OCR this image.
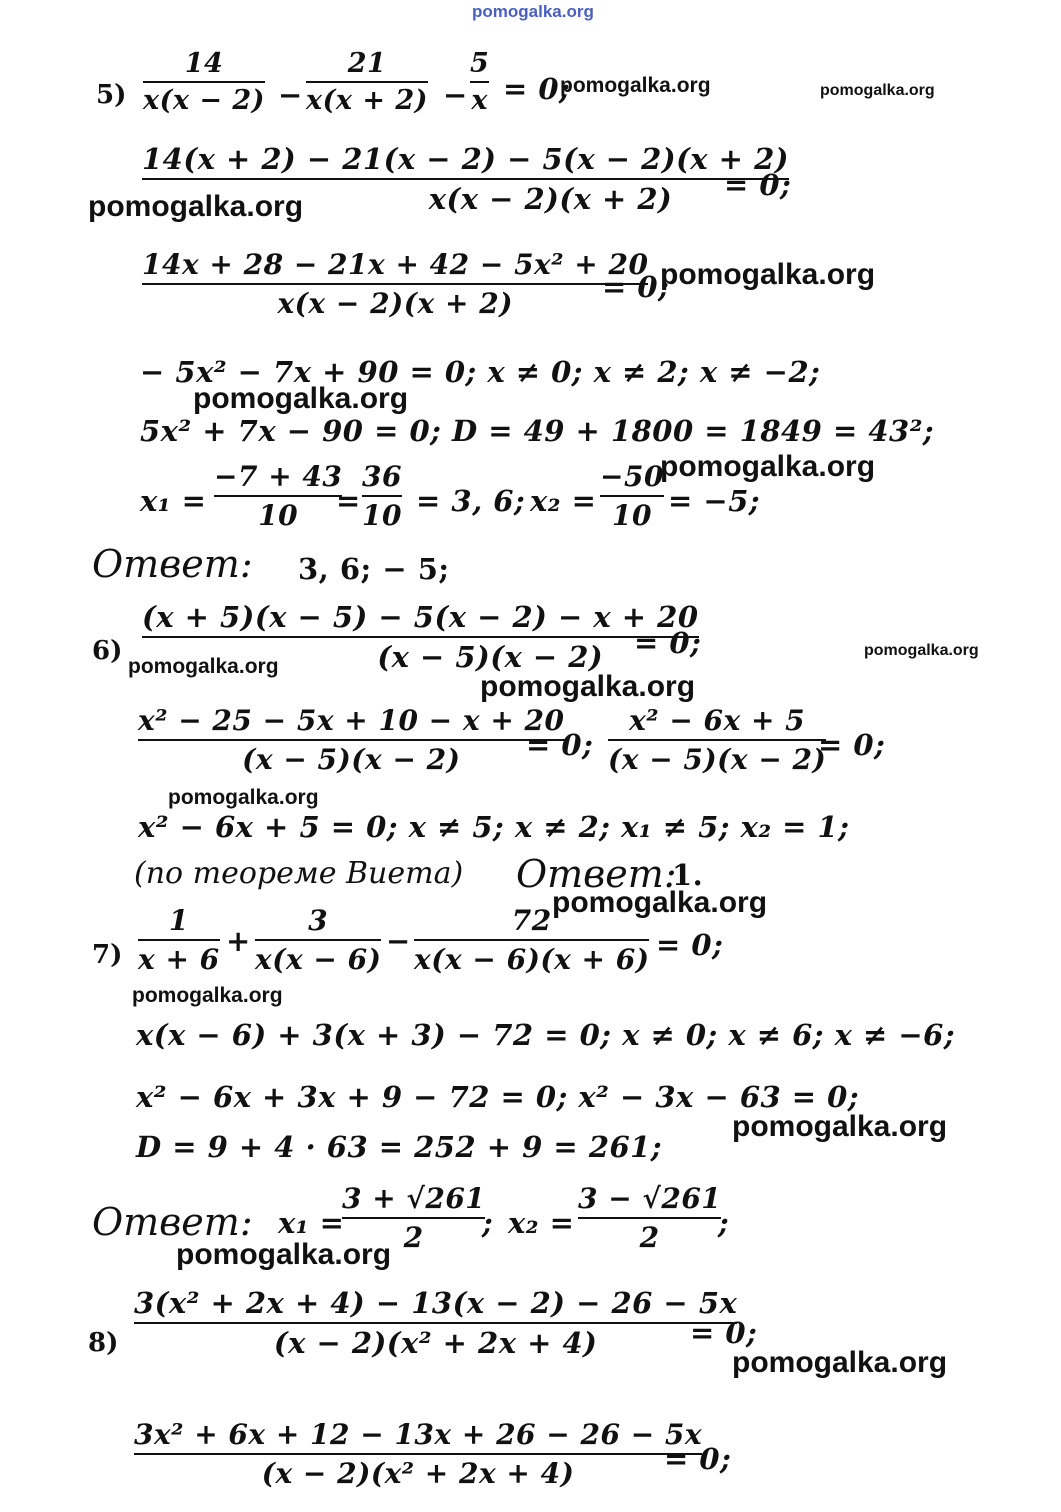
pomogalka.org
5)
14
x(x − 2) −
21
x(x + 2) −
5
x = 0;
pomogalka.org	pomogalka.org
14(x + 2) − 21(x − 2) − 5(x − 2)(x + 2)
x(x − 2)(x + 2) = 0;
pomogalka.org
14x + 28 − 21x + 42 − 5x² + 20
x(x − 2)(x + 2)	= 0;
pomogalka.org
− 5x² − 7x + 90 = 0; x ≠ 0; x ≠ 2; x ≠ −2;
pomogalka.org
5x² + 7x − 90 = 0; D = 49 + 1800 = 1849 = 43²;
x₁ =
−7 + 43
10 =
36
10 = 3, 6; x₂ =
−50
10 = −5;
pomogalka.org
Ответ: 3, 6; − 5;
6)
(x + 5)(x − 5) − 5(x − 2) − x + 20
(x − 5)(x − 2) = 0;
pomogalka.org
pomogalka.org
pomogalka.org
x² − 25 − 5x + 10 − x + 20
(x − 5)(x − 2) = 0;
x² − 6x + 5
(x − 5)(x − 2)
= 0;
pomogalka.org
x² − 6x + 5 = 0; x ≠ 5; x ≠ 2; x₁ ≠ 5; x₂ = 1;
(по теореме Виета) Ответ:
1.
pomogalka.org
7)
1
x + 6
+
3
x(x − 6)
−
72
x(x − 6)(x + 6) = 0;
pomogalka.org
x(x − 6) + 3(x + 3) − 72 = 0; x ≠ 0; x ≠ 6; x ≠ −6;
x² − 6x + 3x + 9 − 72 = 0; x² − 3x − 63 = 0;
pomogalka.org
D = 9 + 4 · 63 = 252 + 9 = 261;
Ответ: x₁ =
3 + √261
2 ; x₂ =
3 − √261
2 ;
pomogalka.org
8)
3(x² + 2x + 4) − 13(x − 2) − 26 − 5x
(x − 2)(x² + 2x + 4)	= 0;
pomogalka.org
3x² + 6x + 12 − 13x + 26 − 26 − 5x
(x − 2)(x² + 2x + 4)	= 0;
